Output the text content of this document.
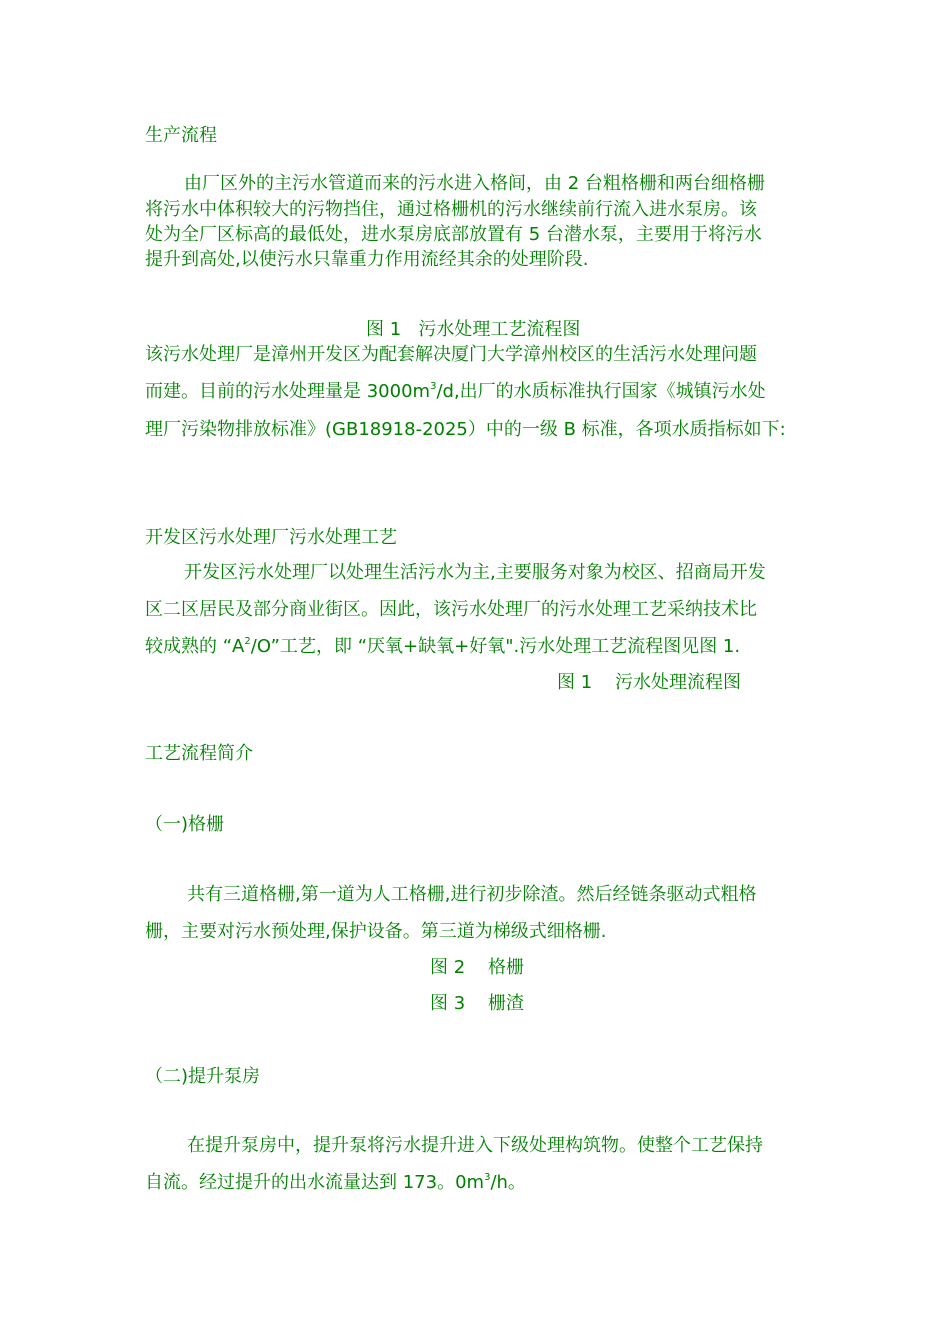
生产流程
由厂区外的主污水管道而来的污水进入格间，由 2 台粗格栅和两台细格栅
将污水中体积较大的污物挡住，通过格栅机的污水继续前行流入进水泵房。该
处为全厂区标高的最低处，进水泵房底部放置有 5 台潜水泵，主要用于将污水
提升到高处,以使污水只靠重力作用流经其余的处理阶段.
图 1   污水处理工艺流程图
该污水处理厂是漳州开发区为配套解决厦门大学漳州校区的生活污水处理问题
而建。目前的污水处理量是 $3000m^3/d$,出厂的水质标准执行国家《城镇污水处
理厂污染物排放标准》(GB18918-2025）中的一级 B 标准，各项水质指标如下:
开发区污水处理厂污水处理工艺
开发区污水处理厂以处理生活污水为主,主要服务对象为校区、招商局开发
区二区居民及部分商业街区。因此，该污水处理厂的污水处理工艺采纳技术比
较成熟的 “$A^2/O$”工艺，即 “厌氧+缺氧+好氧".污水处理工艺流程图见图 1.
图 1    污水处理流程图
工艺流程简介
（一)格栅
共有三道格栅,第一道为人工格栅,进行初步除渣。然后经链条驱动式粗格
栅，主要对污水预处理,保护设备。第三道为梯级式细格栅.
图 2    格栅
图 3    栅渣
（二)提升泵房
在提升泵房中，提升泵将污水提升进入下级处理构筑物。使整个工艺保持
自流。经过提升的出水流量达到 173。$0m^3/h$。
